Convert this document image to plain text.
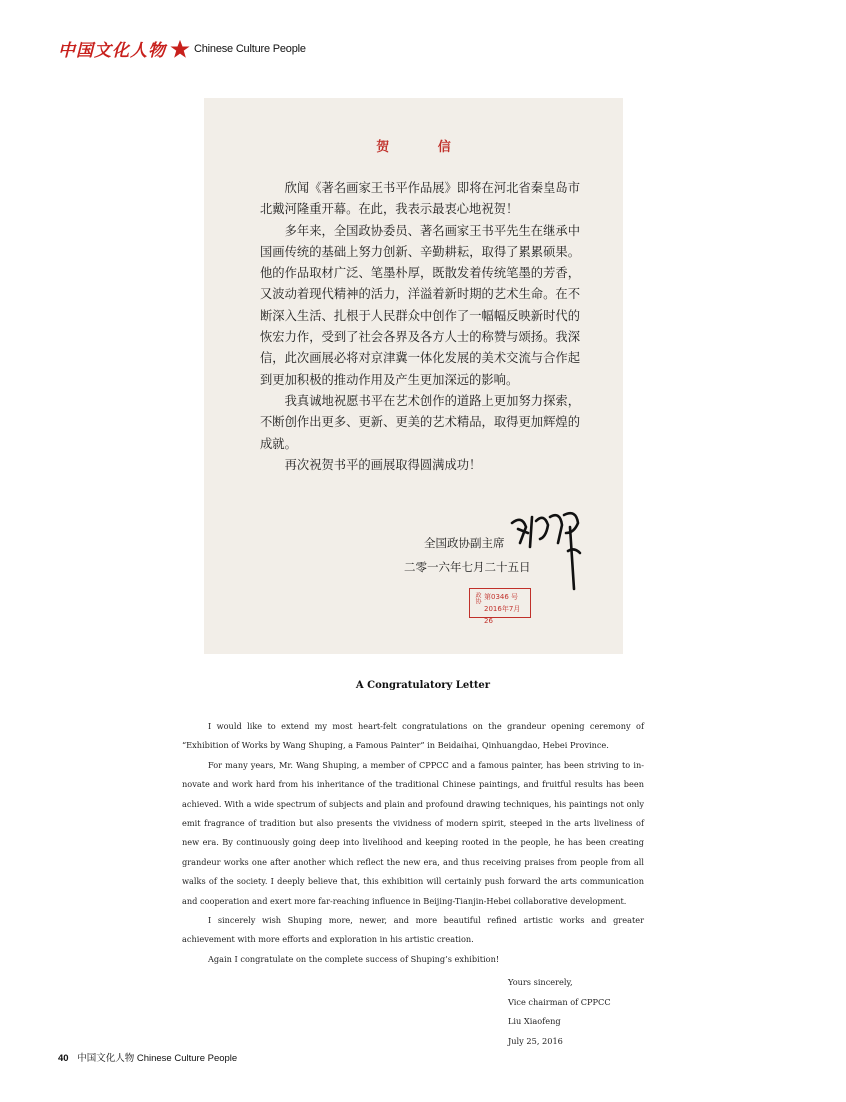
中国文化人物	Chinese Culture People
贺 信

欣闻《著名画家王书平作品展》即将在河北省秦皇岛市北戴河隆重开幕。在此，我表示最衷心地祝贺！

多年来，全国政协委员、著名画家王书平先生在继承中国画传统的基础上努力创新、辛勤耕耘，取得了累累硕果。他的作品取材广泛、笔墨朴厚，既散发着传统笔墨的芳香，又波动着现代精神的活力，洋溢着新时期的艺术生命。在不断深入生活、扎根于人民群众中创作了一幅幅反映新时代的恢宏力作，受到了社会各界及各方人士的称赞与颂扬。我深信，此次画展必将对京津冀一体化发展的美术交流与合作起到更加积极的推动作用及产生更加深远的影响。

我真诚地祝愿书平在艺术创作的道路上更加努力探索，不断创作出更多、更新、更美的艺术精品，取得更加辉煌的成就。

再次祝贺书平的画展取得圆满成功！

全国政协副主席
二零一六年七月二十五日
政协 第0346 号
2016年7月26
A Congratulatory Letter

I would like to extend my most heart-felt congratulations on the grandeur opening ceremony of “Exhibition of Works by Wang Shuping, a Famous Painter” in Beidaihai, Qinhuangdao, Hebei Province.

For many years, Mr. Wang Shuping, a member of CPPCC and a famous painter, has been striving to in-novate and work hard from his inheritance of the traditional Chinese paintings, and fruitful results has been achieved. With a wide spectrum of subjects and plain and profound drawing techniques, his paintings not only emit fragrance of tradition but also presents the vividness of modern spirit, steeped in the arts liveliness of new era. By continuously going deep into livelihood and keeping rooted in the people, he has been creating grandeur works one after another which reflect the new era, and thus receiving praises from people from all walks of the society. I deeply believe that, this exhibition will certainly push forward the arts communication and cooperation and exert more far-reaching influence in Beijing-Tianjin-Hebei collaborative development.

I sincerely wish Shuping more, newer, and more beautiful refined artistic works and greater achievement with more efforts and exploration in his artistic creation.

Again I congratulate on the complete success of Shuping’s exhibition!

Yours sincerely,
Vice chairman of CPPCC
Liu Xiaofeng
July 25, 2016
40 中国文化人物 Chinese Culture People
